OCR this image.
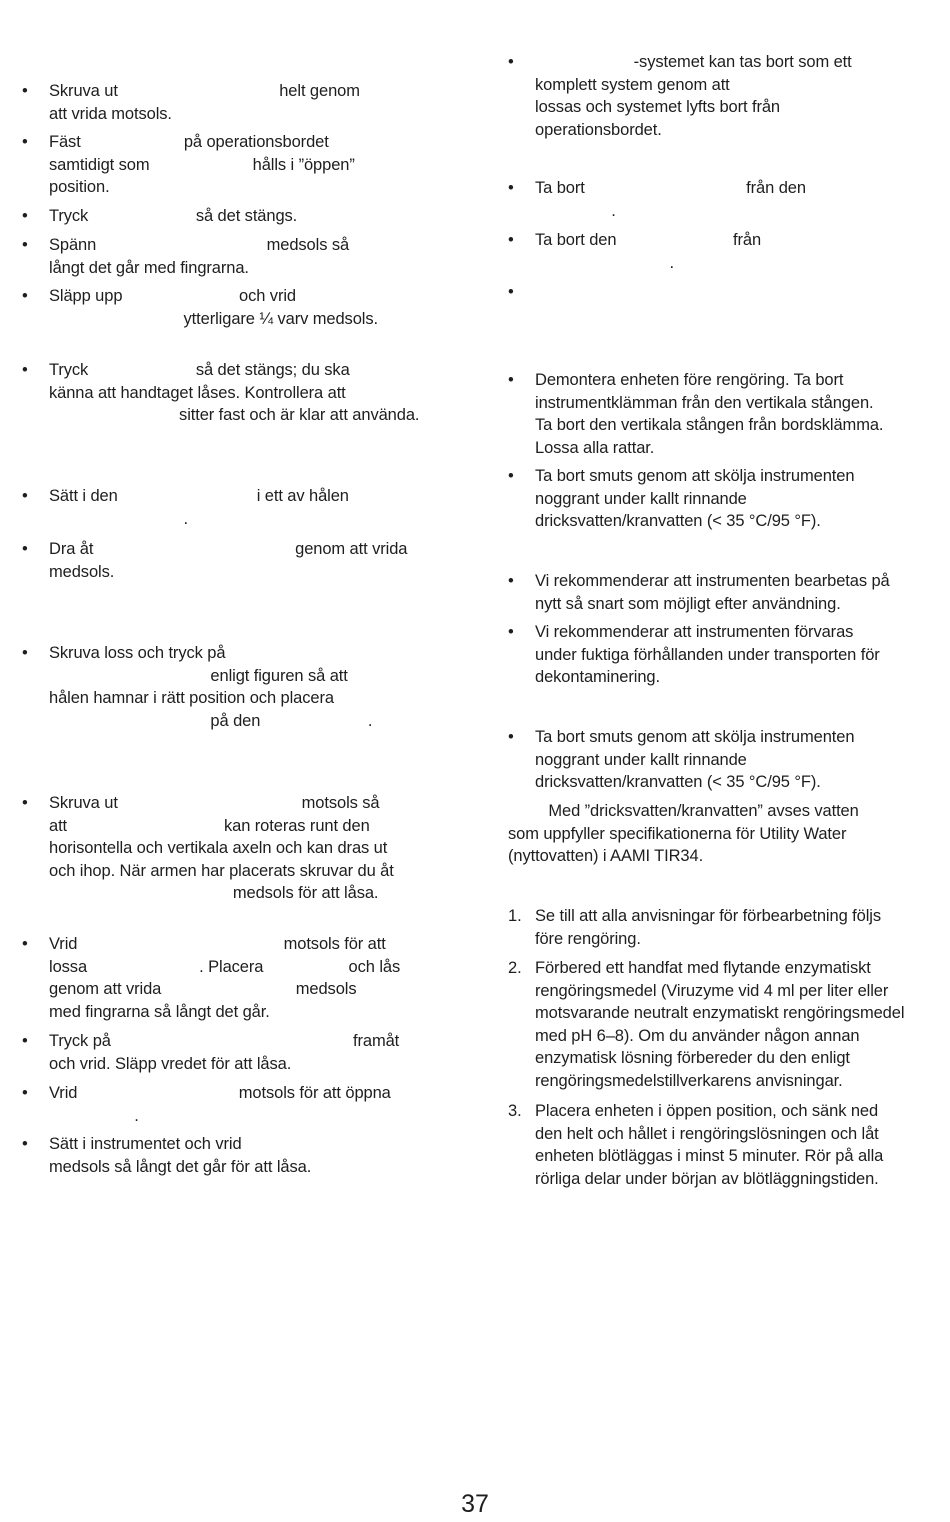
• Skruva ut                                    helt genom
att vrida motsols.
• Fäst                       på operationsbordet
samtidigt som                       hålls i ”öppen”
position.
• Tryck                        så det stängs.
• Spänn                                      medsols så
långt det går med fingrarna.
• Släpp upp                          och vrid
ytterligare ¼ varv medsols.
• Tryck                        så det stängs; du ska
känna att handtaget låses. Kontrollera att
sitter fast och är klar att använda.
• Sätt i den                               i ett av hålen
.
• Dra åt                                             genom att vrida
medsols.
• Skruva loss och tryck på
enligt figuren så att
hålen hamnar i rätt position och placera
på den                        .
• Skruva ut                                         motsols så
att                                   kan roteras runt den
horisontella och vertikala axeln och kan dras ut
och ihop. När armen har placerats skruvar du åt
medsols för att låsa.
• Vrid                                              motsols för att
lossa                         . Placera                   och lås
genom att vrida                              medsols
med fingrarna så långt det går.
• Tryck på                                                      framåt
och vrid. Släpp vredet för att låsa.
• Vrid                                    motsols för att öppna
.
• Sätt i instrumentet och vrid
medsols så långt det går för att låsa.
• -systemet kan tas bort som ett
komplett system genom att
lossas och systemet lyfts bort från
operationsbordet.
• Ta bort                                    från den
.
• Ta bort den                          från
.
•
• Demontera enheten före rengöring. Ta bort
instrumentklämman från den vertikala stången.
Ta bort den vertikala stången från bordsklämma.
Lossa alla rattar.
• Ta bort smuts genom att skölja instrumenten
noggrant under kallt rinnande
dricksvatten/kranvatten (< 35 °C/95 °F).
• Vi rekommenderar att instrumenten bearbetas på
nytt så snart som möjligt efter användning.
• Vi rekommenderar att instrumenten förvaras
under fuktiga förhållanden under transporten för
dekontaminering.
• Ta bort smuts genom att skölja instrumenten
noggrant under kallt rinnande
dricksvatten/kranvatten (< 35 °C/95 °F).
Med ”dricksvatten/kranvatten” avses vatten
som uppfyller specifikationerna för Utility Water
(nyttovatten) i AAMI TIR34.
1. Se till att alla anvisningar för förbearbetning följs
före rengöring.
2. Förbered ett handfat med flytande enzymatiskt
rengöringsmedel (Viruzyme vid 4 ml per liter eller
motsvarande neutralt enzymatiskt rengöringsmedel
med pH 6–8). Om du använder någon annan
enzymatisk lösning förbereder du den enligt
rengöringsmedelstillverkarens anvisningar.
3. Placera enheten i öppen position, och sänk ned
den helt och hållet i rengöringslösningen och låt
enheten blötläggas i minst 5 minuter. Rör på alla
rörliga delar under början av blötläggningstiden.
37
